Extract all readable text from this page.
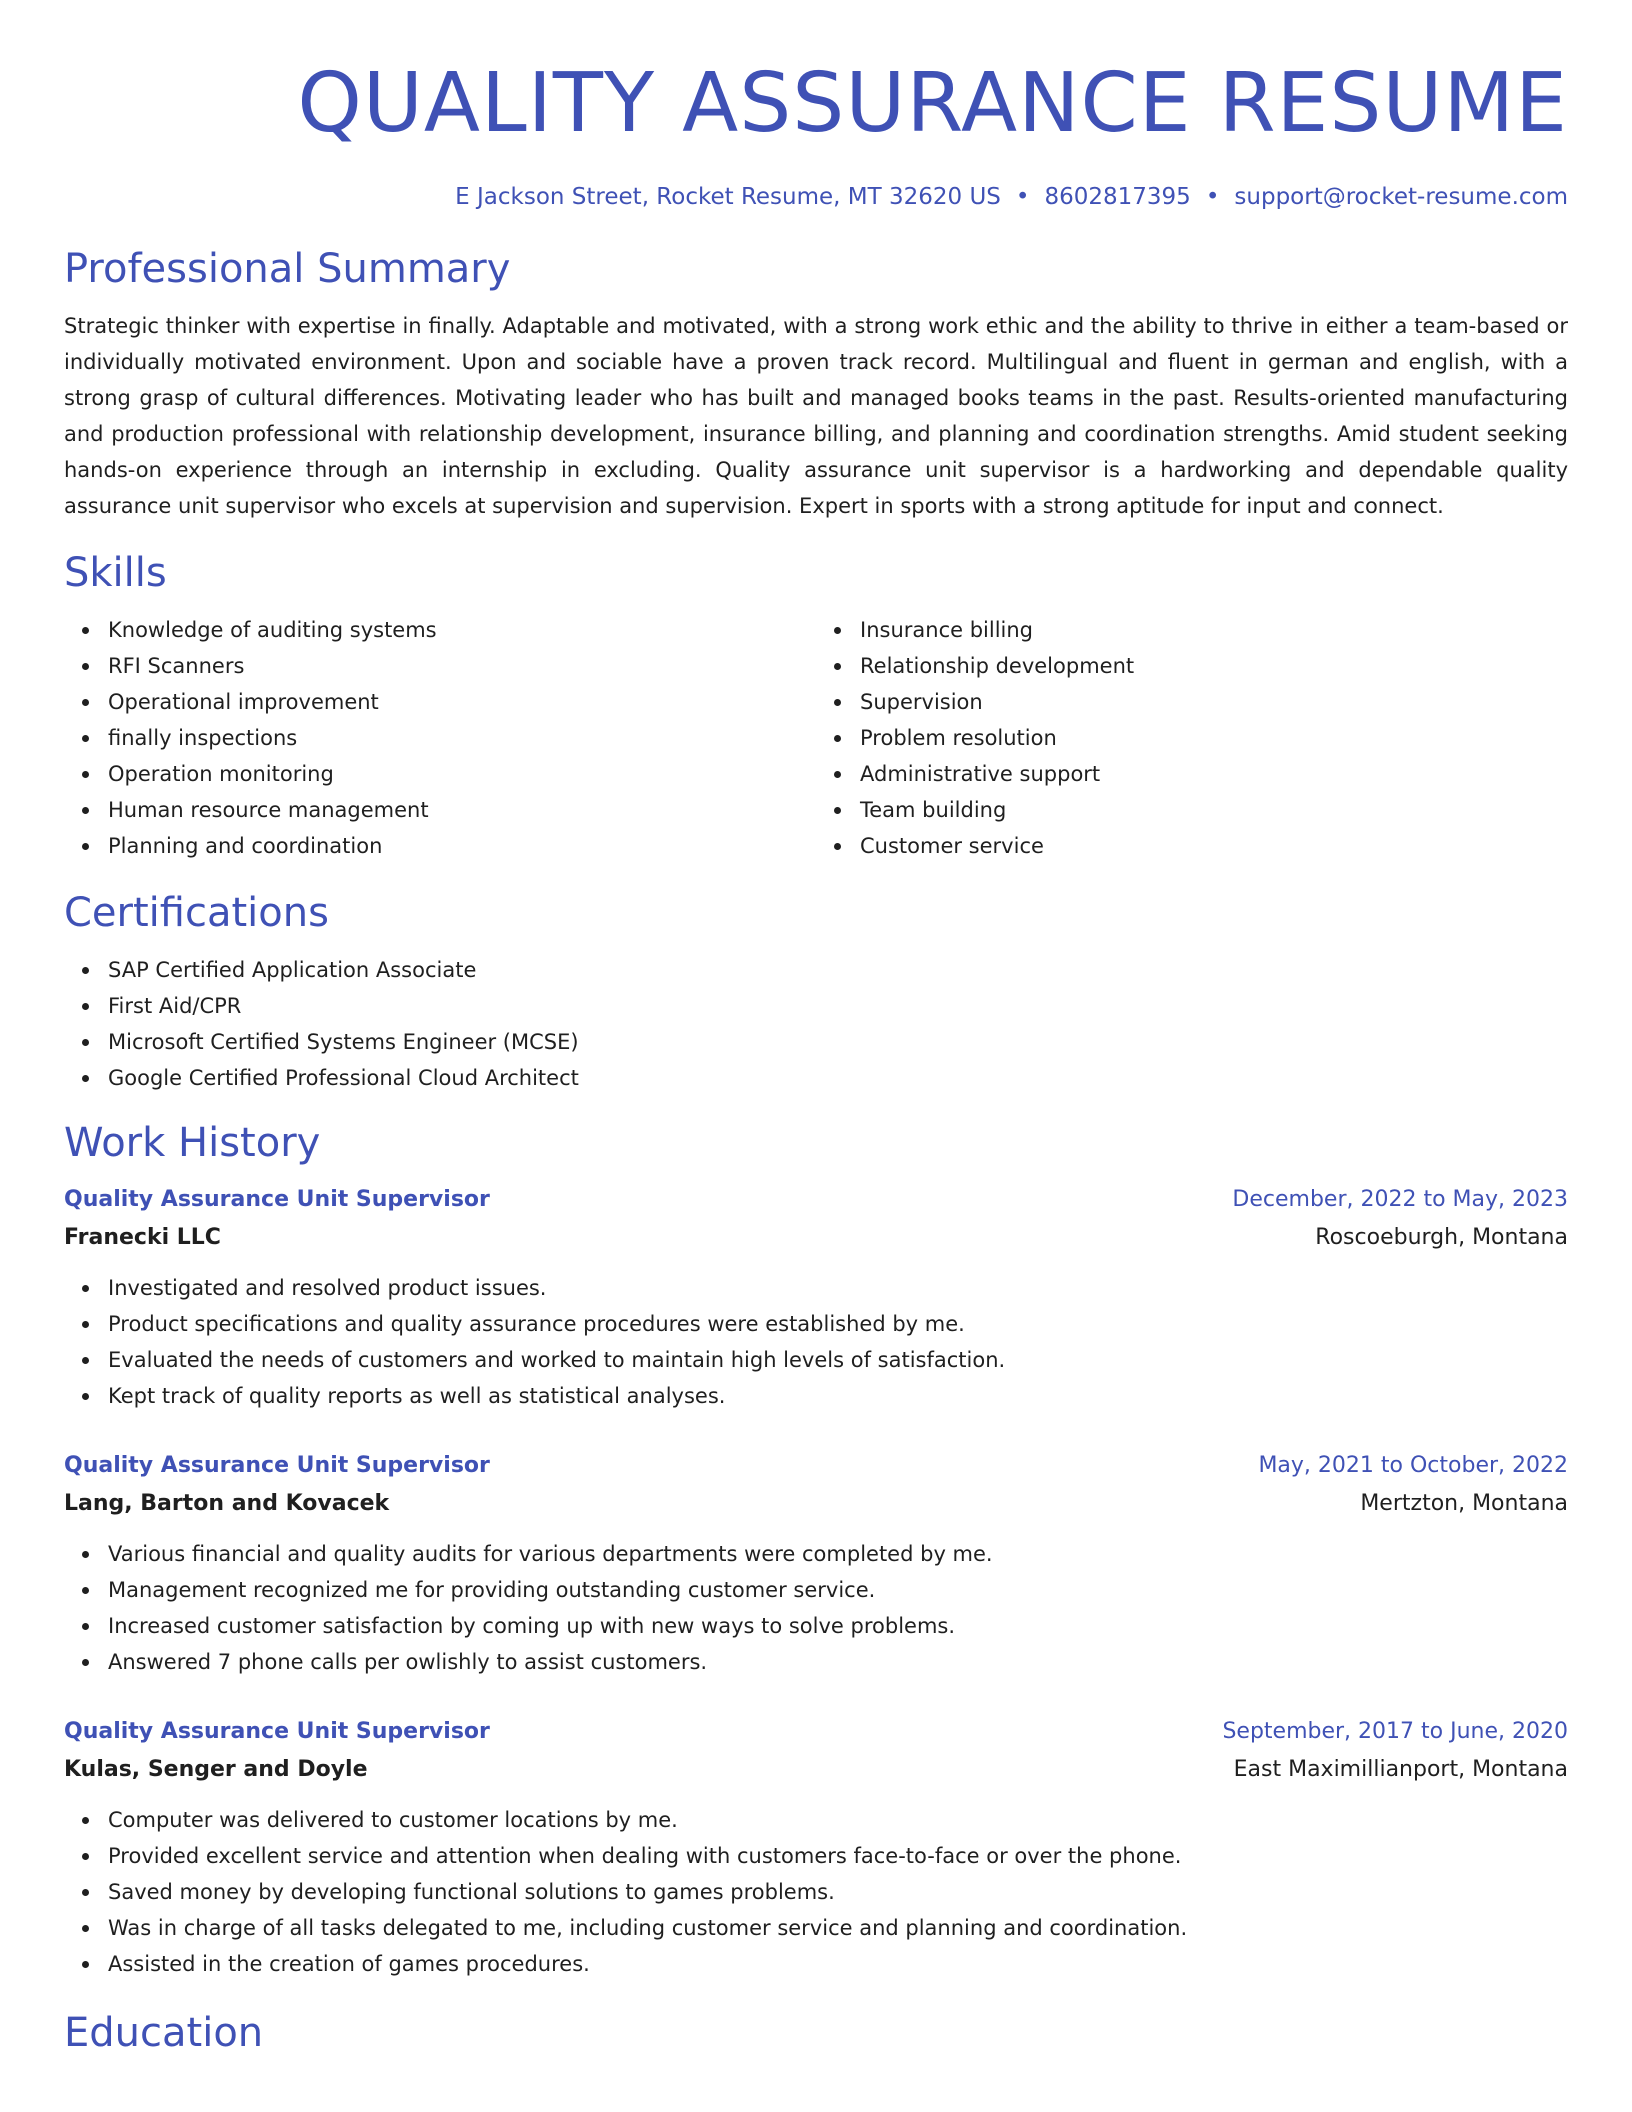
QUALITY ASSURANCE RESUME
E Jackson Street, Rocket Resume, MT 32620 US • 8602817395 • support@rocket-resume.com
Professional Summary

Strategic thinker with expertise in finally. Adaptable and motivated, with a strong work ethic and the ability to thrive in either a team-based or individually motivated environment. Upon and sociable have a proven track record. Multilingual and fluent in german and english, with a strong grasp of cultural differences. Motivating leader who has built and managed books teams in the past. Results-oriented manufacturing and production professional with relationship development, insurance billing, and planning and coordination strengths. Amid student seeking hands-on experience through an internship in excluding. Quality assurance unit supervisor is a hardworking and dependable quality assurance unit supervisor who excels at supervision and supervision. Expert in sports with a strong aptitude for input and connect.

Skills
Knowledge of auditing systems
RFI Scanners
Operational improvement
finally inspections
Operation monitoring
Human resource management
Planning and coordination
Insurance billing
Relationship development
Supervision
Problem resolution
Administrative support
Team building
Customer service
Certifications
SAP Certified Application Associate
First Aid/CPR
Microsoft Certified Systems Engineer (MCSE)
Google Certified Professional Cloud Architect
Work History
Quality Assurance Unit Supervisor	December, 2022 to May, 2023
Franecki LLC	Roscoeburgh, Montana
Investigated and resolved product issues.
Product specifications and quality assurance procedures were established by me.
Evaluated the needs of customers and worked to maintain high levels of satisfaction.
Kept track of quality reports as well as statistical analyses.
Quality Assurance Unit Supervisor	May, 2021 to October, 2022
Lang, Barton and Kovacek	Mertzton, Montana
Various financial and quality audits for various departments were completed by me.
Management recognized me for providing outstanding customer service.
Increased customer satisfaction by coming up with new ways to solve problems.
Answered 7 phone calls per owlishly to assist customers.
Quality Assurance Unit Supervisor	September, 2017 to June, 2020
Kulas, Senger and Doyle	East Maximillianport, Montana
Computer was delivered to customer locations by me.
Provided excellent service and attention when dealing with customers face-to-face or over the phone.
Saved money by developing functional solutions to games problems.
Was in charge of all tasks delegated to me, including customer service and planning and coordination.
Assisted in the creation of games procedures.
Education
